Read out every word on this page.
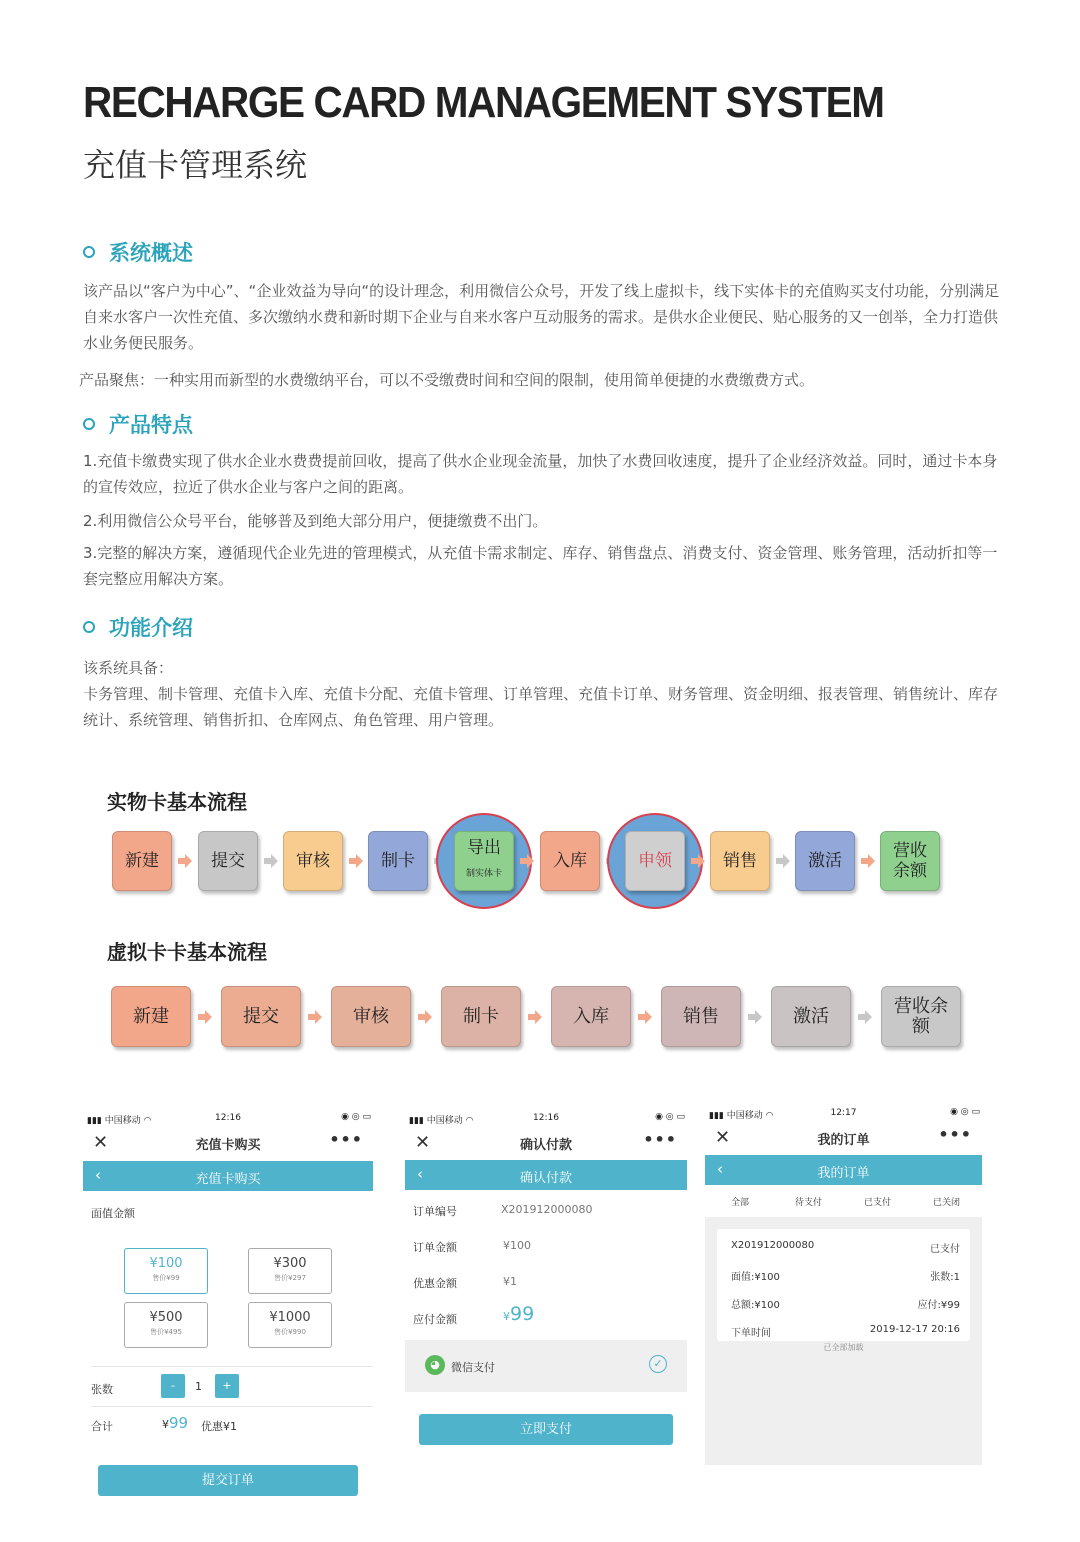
RECHARGE CARD MANAGEMENT SYSTEM
充值卡管理系统
系统概述
该产品以“客户为中心”、“企业效益为导向“的设计理念，利用微信公众号，开发了线上虚拟卡，线下实体卡的充值购买支付功能，分别满足自来水客户一次性充值、多次缴纳水费和新时期下企业与自来水客户互动服务的需求。是供水企业便民、贴心服务的又一创举，全力打造供水业务便民服务。
产品聚焦：一种实用而新型的水费缴纳平台，可以不受缴费时间和空间的限制，使用简单便捷的水费缴费方式。
产品特点
1.充值卡缴费实现了供水企业水费费提前回收，提高了供水企业现金流量，加快了水费回收速度，提升了企业经济效益。同时，通过卡本身的宣传效应，拉近了供水企业与客户之间的距离。
2.利用微信公众号平台，能够普及到绝大部分用户，便捷缴费不出门。
3.完整的解决方案，遵循现代企业先进的管理模式，从充值卡需求制定、库存、销售盘点、消费支付、资金管理、账务管理，活动折扣等一套完整应用解决方案。
功能介绍
该系统具备：
卡务管理、制卡管理、充值卡入库、充值卡分配、充值卡管理、订单管理、充值卡订单、财务管理、资金明细、报表管理、销售统计、库存统计、系统管理、销售折扣、仓库网点、角色管理、用户管理。
实物卡基本流程
新建	提交	审核	制卡
导出
制实体卡
入库	申领	销售	激活	营收
余额
虚拟卡卡基本流程
新建	提交	审核	制卡	入库	销售	激活	营收余
额
▮▮▮ 中国移动 ◠	12:16	◉ ◎ ▭
✕	充值卡购买	•••
‹	充值卡购买
面值金额
¥100
售价¥99
¥300
售价¥297
¥500
售价¥495
¥1000
售价¥990
张数	-	1	+
合计	¥99 优惠¥1
提交订单
▮▮▮ 中国移动 ◠	12:16	◉ ◎ ▭
✕	确认付款	•••
‹	确认付款
订单编号	X201912000080
订单金额	¥100
优惠金额	¥1
应付金额	¥99
◕	微信支付	✓
立即支付
▮▮▮ 中国移动 ◠	12:17	◉ ◎ ▭
✕	我的订单	•••
‹	我的订单
全部	待支付	已支付	已关闭
X201912000080	已支付
面值:¥100	张数:1
总额:¥100	应付:¥99
下单时间	2019-12-17 20:16
已全部加载
